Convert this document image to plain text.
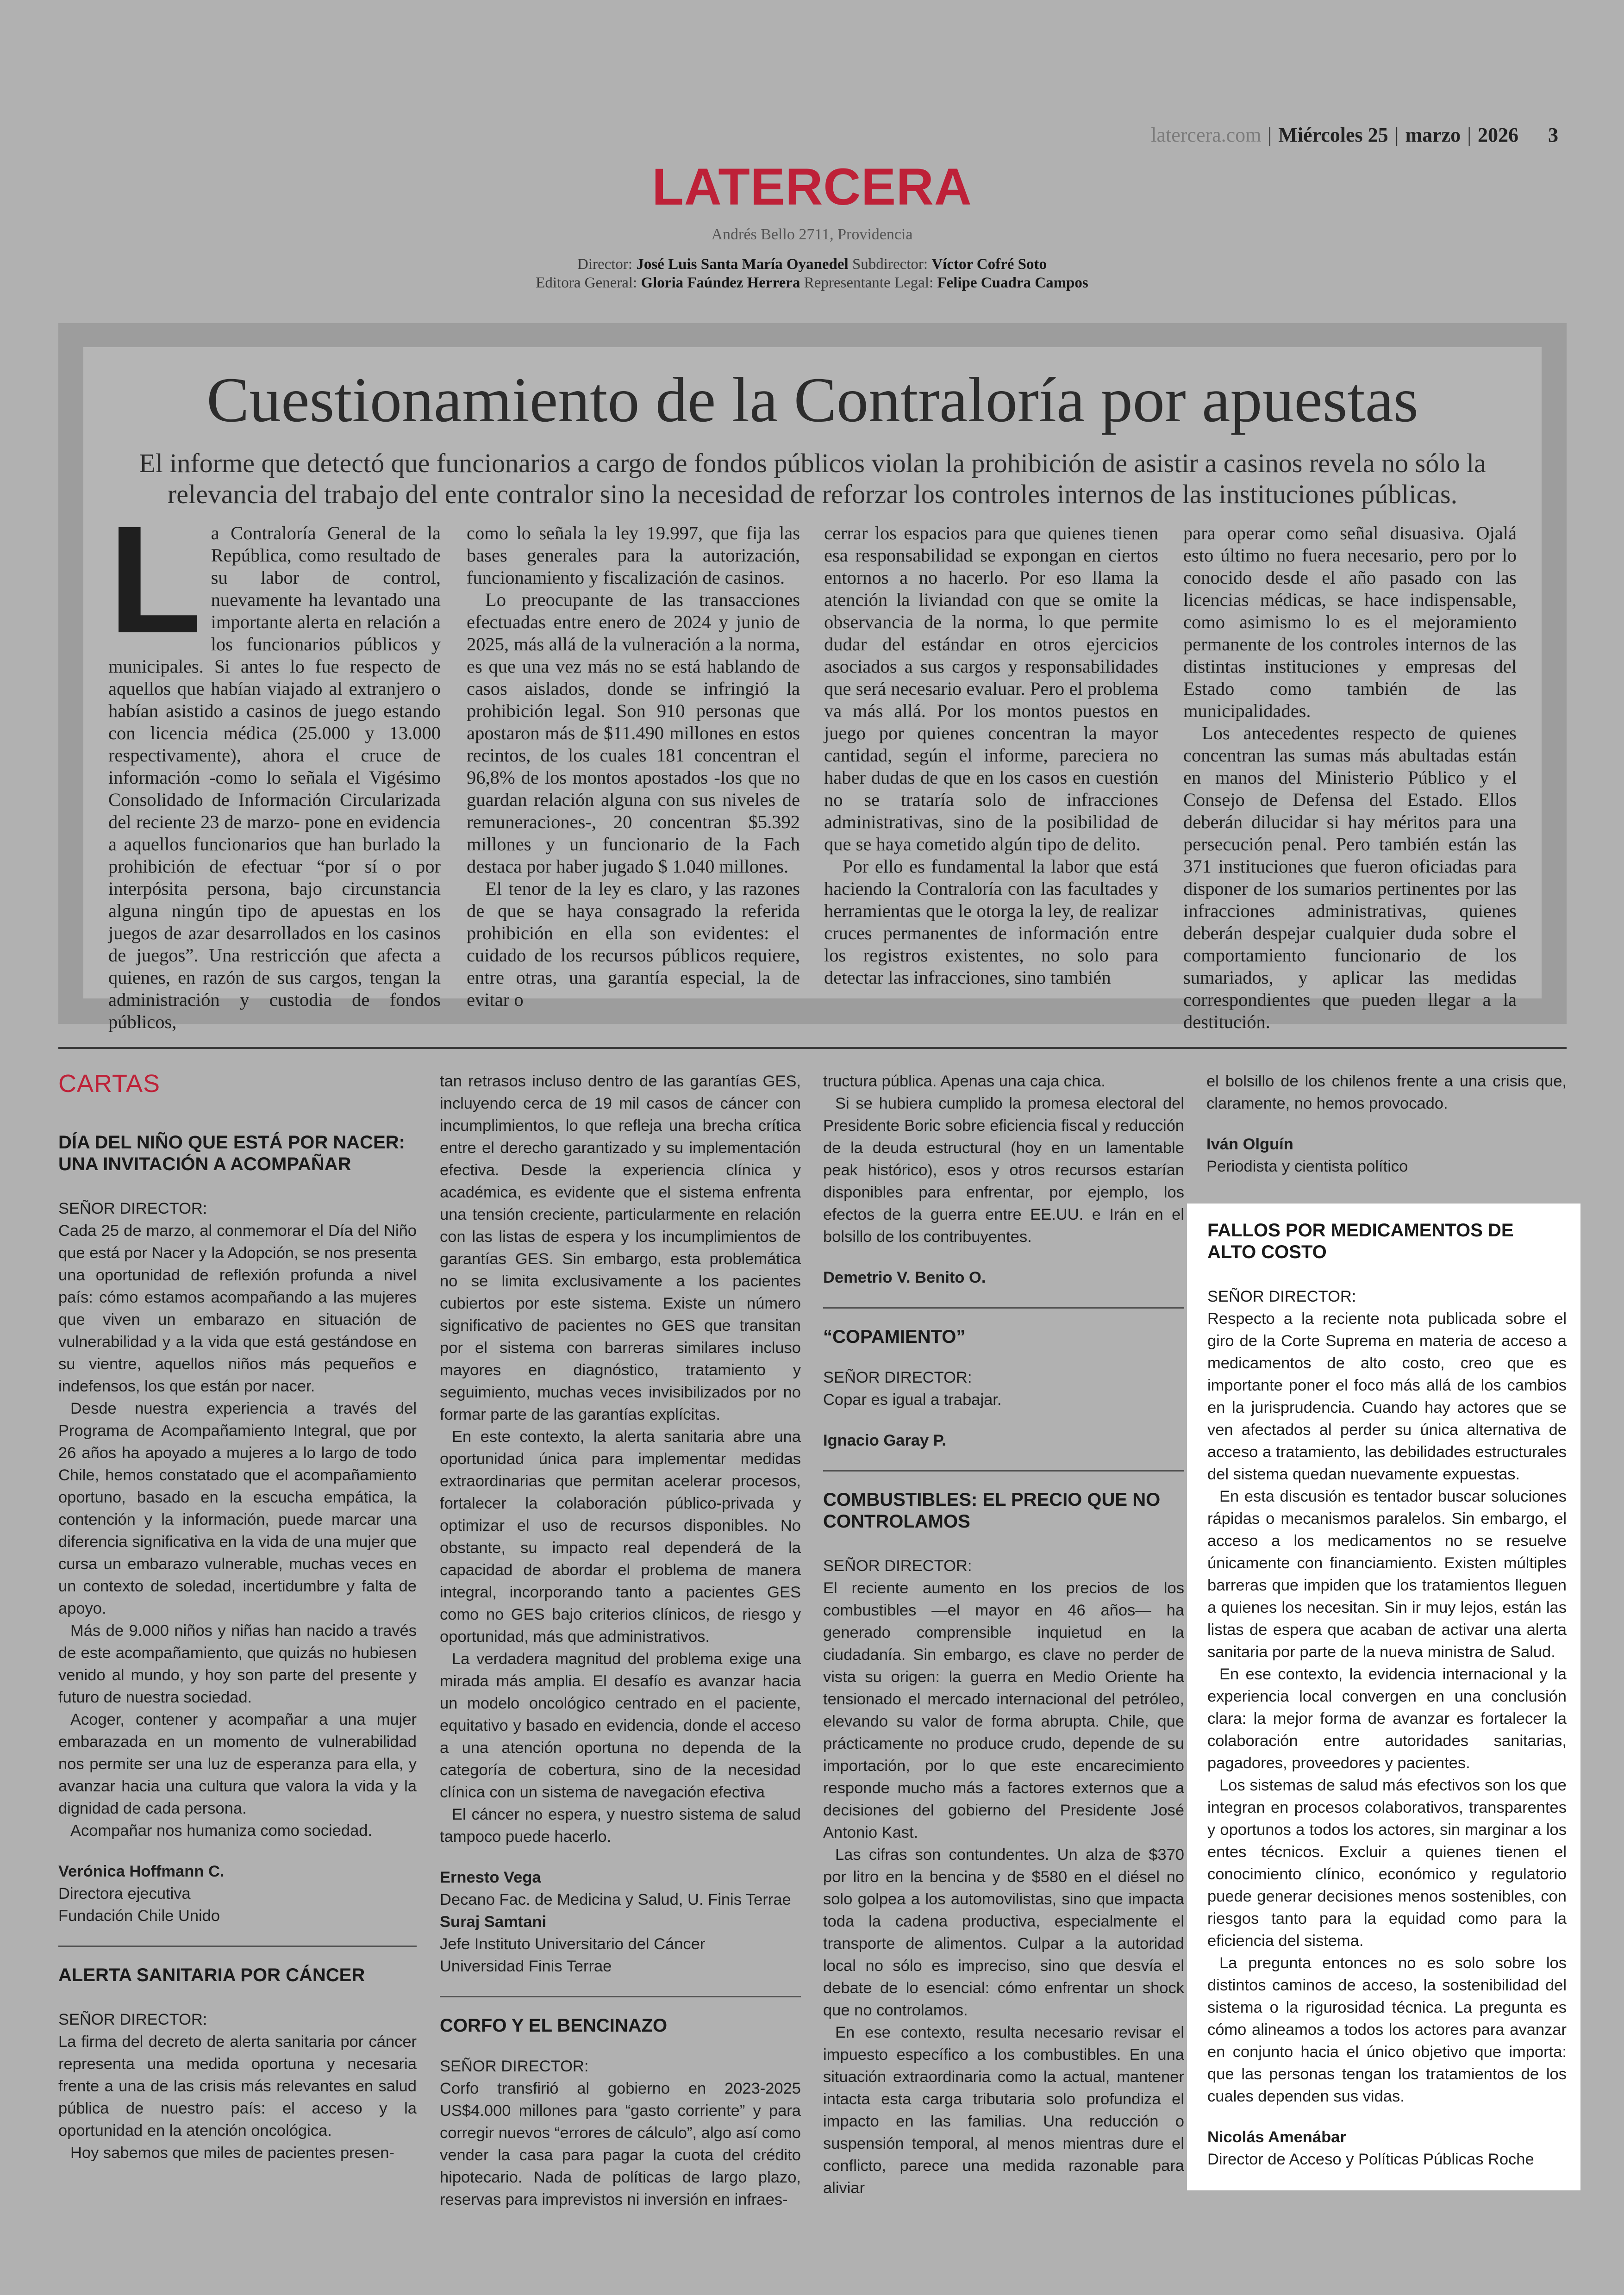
latercera.com | Miércoles 25 | marzo | 2026 3
LATERCERA
Andrés Bello 2711, Providencia
Director: José Luis Santa María Oyanedel Subdirector: Víctor Cofré Soto
Editora General: Gloria Faúndez Herrera Representante Legal: Felipe Cuadra Campos
Cuestionamiento de la Contraloría por apuestas
El informe que detectó que funcionarios a cargo de fondos públicos violan la prohibición de asistir a casinos revela no sólo la relevancia del trabajo del ente contralor sino la necesidad de reforzar los controles internos de las instituciones públicas.
L a Contraloría General de la República, como resultado de su labor de control, nuevamente ha levantado una importante alerta en relación a los funcionarios públicos y municipales. Si antes lo fue respecto de aquellos que habían viajado al extranjero o habían asistido a casinos de juego estando con licencia médica (25.000 y 13.000 respectivamente), ahora el cruce de información -como lo señala el Vigésimo Consolidado de Información Circularizada del reciente 23 de marzo- pone en evidencia a aquellos funcionarios que han burlado la prohibición de efectuar “por sí o por interpósita persona, bajo circunstancia alguna ningún tipo de apuestas en los juegos de azar desarrollados en los casinos de juegos”. Una restricción que afecta a quienes, en razón de sus cargos, tengan la administración y custodia de fondos públicos,

como lo señala la ley 19.997, que fija las bases generales para la autorización, funcionamiento y fiscalización de casinos.

Lo preocupante de las transacciones efectuadas entre enero de 2024 y junio de 2025, más allá de la vulneración a la norma, es que una vez más no se está hablando de casos aislados, donde se infringió la prohibición legal. Son 910 personas que apostaron más de $11.490 millones en estos recintos, de los cuales 181 concentran el 96,8% de los montos apostados -los que no guardan relación alguna con sus niveles de remuneraciones-, 20 concentran $5.392 millones y un funcionario de la Fach destaca por haber jugado $ 1.040 millones.

El tenor de la ley es claro, y las razones de que se haya consagrado la referida prohibición en ella son evidentes: el cuidado de los recursos públicos requiere, entre otras, una garantía especial, la de evitar o

cerrar los espacios para que quienes tienen esa responsabilidad se expongan en ciertos entornos a no hacerlo. Por eso llama la atención la liviandad con que se omite la observancia de la norma, lo que permite dudar del estándar en otros ejercicios asociados a sus cargos y responsabilidades que será necesario evaluar. Pero el problema va más allá. Por los montos puestos en juego por quienes concentran la mayor cantidad, según el informe, pareciera no haber dudas de que en los casos en cuestión no se trataría solo de infracciones administrativas, sino de la posibilidad de que se haya cometido algún tipo de delito.

Por ello es fundamental la labor que está haciendo la Contraloría con las facultades y herramientas que le otorga la ley, de realizar cruces permanentes de información entre los registros existentes, no solo para detectar las infracciones, sino también

para operar como señal disuasiva. Ojalá esto último no fuera necesario, pero por lo conocido desde el año pasado con las licencias médicas, se hace indispensable, como asimismo lo es el mejoramiento permanente de los controles internos de las distintas instituciones y empresas del Estado como también de las municipalidades.

Los antecedentes respecto de quienes concentran las sumas más abultadas están en manos del Ministerio Público y el Consejo de Defensa del Estado. Ellos deberán dilucidar si hay méritos para una persecución penal. Pero también están las 371 instituciones que fueron oficiadas para disponer de los sumarios pertinentes por las infracciones administrativas, quienes deberán despejar cualquier duda sobre el comportamiento funcionario de los sumariados, y aplicar las medidas correspondientes que pueden llegar a la destitución.

CARTAS
DÍA DEL NIÑO QUE ESTÁ POR NACER: UNA INVITACIÓN A ACOMPAÑAR
SEÑOR DIRECTOR:

Cada 25 de marzo, al conmemorar el Día del Niño que está por Nacer y la Adopción, se nos presenta una oportunidad de reflexión profunda a nivel país: cómo estamos acompañando a las mujeres que viven un embarazo en situación de vulnerabilidad y a la vida que está gestándose en su vientre, aquellos niños más pequeños e indefensos, los que están por nacer.

Desde nuestra experiencia a través del Programa de Acompañamiento Integral, que por 26 años ha apoyado a mujeres a lo largo de todo Chile, hemos constatado que el acompañamiento oportuno, basado en la escucha empática, la contención y la información, puede marcar una diferencia significativa en la vida de una mujer que cursa un embarazo vulnerable, muchas veces en un contexto de soledad, incertidumbre y falta de apoyo.

Más de 9.000 niños y niñas han nacido a través de este acompañamiento, que quizás no hubiesen venido al mundo, y hoy son parte del presente y futuro de nuestra sociedad.

Acoger, contener y acompañar a una mujer embarazada en un momento de vulnerabilidad nos permite ser una luz de esperanza para ella, y avanzar hacia una cultura que valora la vida y la dignidad de cada persona.

Acompañar nos humaniza como sociedad.

Verónica Hoffmann C.
Directora ejecutiva
Fundación Chile Unido
ALERTA SANITARIA POR CÁNCER
SEÑOR DIRECTOR:

La firma del decreto de alerta sanitaria por cáncer representa una medida oportuna y necesaria frente a una de las crisis más relevantes en salud pública de nuestro país: el acceso y la oportunidad en la atención oncológica.

Hoy sabemos que miles de pacientes presen-

tan retrasos incluso dentro de las garantías GES, incluyendo cerca de 19 mil casos de cáncer con incumplimientos, lo que refleja una brecha crítica entre el derecho garantizado y su implementación efectiva. Desde la experiencia clínica y académica, es evidente que el sistema enfrenta una tensión creciente, particularmente en relación con las listas de espera y los incumplimientos de garantías GES. Sin embargo, esta problemática no se limita exclusivamente a los pacientes cubiertos por este sistema. Existe un número significativo de pacientes no GES que transitan por el sistema con barreras similares incluso mayores en diagnóstico, tratamiento y seguimiento, muchas veces invisibilizados por no formar parte de las garantías explícitas.

En este contexto, la alerta sanitaria abre una oportunidad única para implementar medidas extraordinarias que permitan acelerar procesos, fortalecer la colaboración público-privada y optimizar el uso de recursos disponibles. No obstante, su impacto real dependerá de la capacidad de abordar el problema de manera integral, incorporando tanto a pacientes GES como no GES bajo criterios clínicos, de riesgo y oportunidad, más que administrativos.

La verdadera magnitud del problema exige una mirada más amplia. El desafío es avanzar hacia un modelo oncológico centrado en el paciente, equitativo y basado en evidencia, donde el acceso a una atención oportuna no dependa de la categoría de cobertura, sino de la necesidad clínica con un sistema de navegación efectiva

El cáncer no espera, y nuestro sistema de salud tampoco puede hacerlo.

Ernesto Vega
Decano Fac. de Medicina y Salud, U. Finis Terrae
Suraj Samtani
Jefe Instituto Universitario del Cáncer
Universidad Finis Terrae
CORFO Y EL BENCINAZO
SEÑOR DIRECTOR:

Corfo transfirió al gobierno en 2023-2025 US$4.000 millones para “gasto corriente” y para corregir nuevos “errores de cálculo”, algo así como vender la casa para pagar la cuota del crédito hipotecario. Nada de políticas de largo plazo, reservas para imprevistos ni inversión en infraes-

tructura pública. Apenas una caja chica.

Si se hubiera cumplido la promesa electoral del Presidente Boric sobre eficiencia fiscal y reducción de la deuda estructural (hoy en un lamentable peak histórico), esos y otros recursos estarían disponibles para enfrentar, por ejemplo, los efectos de la guerra entre EE.UU. e Irán en el bolsillo de los contribuyentes.

Demetrio V. Benito O.
“COPAMIENTO”
SEÑOR DIRECTOR:

Copar es igual a trabajar.

Ignacio Garay P.
COMBUSTIBLES: EL PRECIO QUE NO CONTROLAMOS
SEÑOR DIRECTOR:

El reciente aumento en los precios de los combustibles —el mayor en 46 años— ha generado comprensible inquietud en la ciudadanía. Sin embargo, es clave no perder de vista su origen: la guerra en Medio Oriente ha tensionado el mercado internacional del petróleo, elevando su valor de forma abrupta. Chile, que prácticamente no produce crudo, depende de su importación, por lo que este encarecimiento responde mucho más a factores externos que a decisiones del gobierno del Presidente José Antonio Kast.

Las cifras son contundentes. Un alza de $370 por litro en la bencina y de $580 en el diésel no solo golpea a los automovilistas, sino que impacta toda la cadena productiva, especialmente el transporte de alimentos. Culpar a la autoridad local no sólo es impreciso, sino que desvía el debate de lo esencial: cómo enfrentar un shock que no controlamos.

En ese contexto, resulta necesario revisar el impuesto específico a los combustibles. En una situación extraordinaria como la actual, mantener intacta esta carga tributaria solo profundiza el impacto en las familias. Una reducción o suspensión temporal, al menos mientras dure el conflicto, parece una medida razonable para aliviar

el bolsillo de los chilenos frente a una crisis que, claramente, no hemos provocado.

Iván Olguín
Periodista y cientista político
FALLOS POR MEDICAMENTOS DE ALTO COSTO
SEÑOR DIRECTOR:

Respecto a la reciente nota publicada sobre el giro de la Corte Suprema en materia de acceso a medicamentos de alto costo, creo que es importante poner el foco más allá de los cambios en la jurisprudencia. Cuando hay actores que se ven afectados al perder su única alternativa de acceso a tratamiento, las debilidades estructurales del sistema quedan nuevamente expuestas.

En esta discusión es tentador buscar soluciones rápidas o mecanismos paralelos. Sin embargo, el acceso a los medicamentos no se resuelve únicamente con financiamiento. Existen múltiples barreras que impiden que los tratamientos lleguen a quienes los necesitan. Sin ir muy lejos, están las listas de espera que acaban de activar una alerta sanitaria por parte de la nueva ministra de Salud.

En ese contexto, la evidencia internacional y la experiencia local convergen en una conclusión clara: la mejor forma de avanzar es fortalecer la colaboración entre autoridades sanitarias, pagadores, proveedores y pacientes.

Los sistemas de salud más efectivos son los que integran en procesos colaborativos, transparentes y oportunos a todos los actores, sin marginar a los entes técnicos. Excluir a quienes tienen el conocimiento clínico, económico y regulatorio puede generar decisiones menos sostenibles, con riesgos tanto para la equidad como para la eficiencia del sistema.

La pregunta entonces no es solo sobre los distintos caminos de acceso, la sostenibilidad del sistema o la rigurosidad técnica. La pregunta es cómo alineamos a todos los actores para avanzar en conjunto hacia el único objetivo que importa: que las personas tengan los tratamientos de los cuales dependen sus vidas.

Nicolás Amenábar
Director de Acceso y Políticas Públicas Roche
